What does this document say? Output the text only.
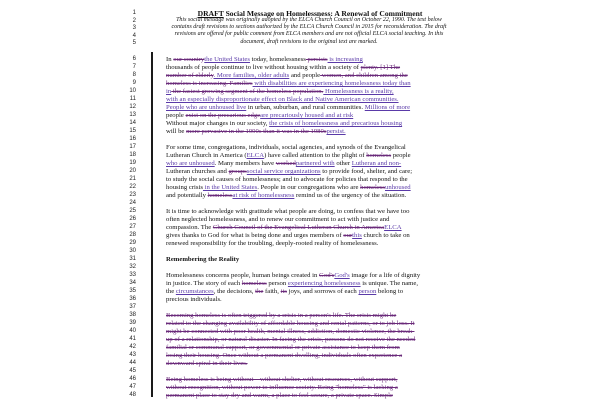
1
2
3
4
5
6
7
8
9
10
11
12
13
14
15
16
17
18
19
20
21
22
23
24
25
26
27
28
29
30
31
32
33
34
35
36
37
38
39
40
41
42
43
44
45
46
47
48
DRAFT Social Message on Homelessness: A Renewal of Commitment
This social message was originally adopted by the ELCA Church Council on October 22, 1990. The text below contains draft revisions to sections authorized by the ELCA Church Council in 2015 for reconsideration. The draft revisions are offered for public comment from ELCA members and are not official ELCA social teaching. In this document, draft revisions to the original text are marked.
In our countrythe United States today, homelessness persists is increasing
thousands of people continue to live without housing within a society of plenty. [1] The
number of elderly. More families, older adults and people women, and children among the
homeless is increasing. Families with disabilities are experiencing homelessness today than
in the fastest growing segment of the homeless population. Homelessness is a reality,
with an especially disproportionate effect on Black and Native American communities.
People who are unhoused live in urban, suburban, and rural communities. Millions of more
people exist on the precarious edgeare precariously housed and at risk
Without major changes in our society, the crisis of homelessness and precarious housing
will be more pervasive in the 1990s than it was in the 1980spersist.
For some time, congregations, individuals, social agencies, and synods of the Evangelical
Lutheran Church in America (ELCA) have called attention to the plight of homeless people
who are unhoused. Many members have workedpartnered with other Lutheran and non-
Lutheran churches and groupssocial service organizations to provide food, shelter, and care;
to study the social causes of homelessness; and to advocate for policies that respond to the
housing crisis in the United States. People in our congregations who are homelessunhoused
and potentially homelessat risk of homelessness remind us of the urgency of the situation.
It is time to acknowledge with gratitude what people are doing, to confess that we have too
often neglected homelessness, and to renew our commitment to act with justice and
compassion. The Church Council of the Evangelical Lutheran Church in AmericaELCA
gives thanks to God for what is being done and urges members of ourthis church to take on
renewed responsibility for the troubling, deeply-rooted reality of homelessness.
Remembering the Reality
Homelessness concerns people, human beings created in God'sGod's image for a life of dignity
in justice. The story of each homeless person experiencing homelessness is unique. The name,
the circumstances, the decisions, the faith, its joys, and sorrows of each person belong to
precious individuals.
Becoming homeless is often triggered by a crisis in a person's life. The crisis might be
related to the changing availability of affordable housing and rental patterns, or to job loss. It
might be connected with poor health, mental illness, addiction, domestic violence, the break-
up of a relationship, or natural disaster. In facing the crisis, persons do not receive the needed
familial or communal support, or governmental or private assistance to keep them from
losing their housing. Once without a permanent dwelling, individuals often experience a
downward spiral in their lives.
Being homeless is being without—without shelter, without resources, without support,
without recognition, without power to influence society. Being "homeless" is lacking a
permanent place to stay dry and warm, a place to feel secure, a private space. Simple
